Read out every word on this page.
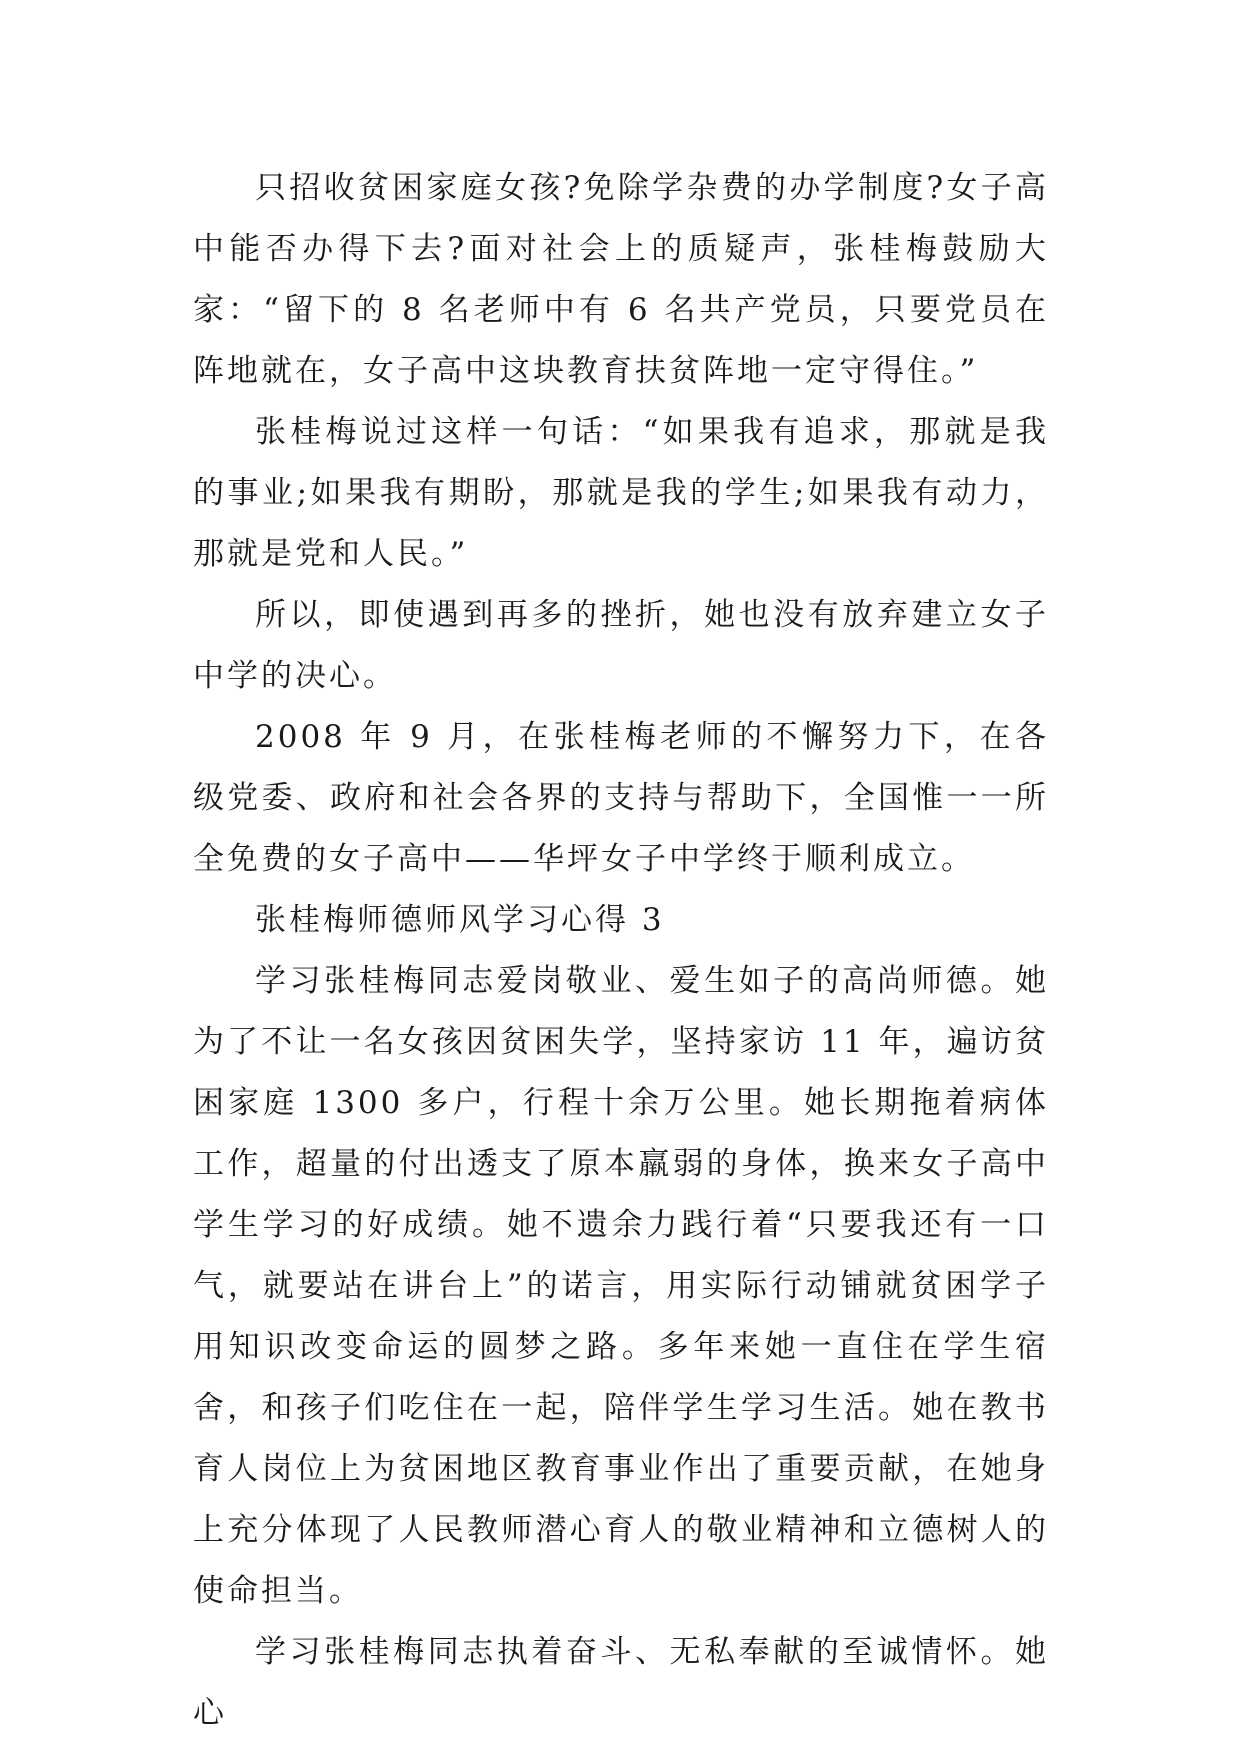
只招收贫困家庭女孩?免除学杂费的办学制度?女子高中能否办得下去?面对社会上的质疑声，张桂梅鼓励大家：“留下的 8 名老师中有 6 名共产党员，只要党员在阵地就在，女子高中这块教育扶贫阵地一定守得住。”

张桂梅说过这样一句话：“如果我有追求，那就是我的事业;如果我有期盼，那就是我的学生;如果我有动力，那就是党和人民。”

所以，即使遇到再多的挫折，她也没有放弃建立女子中学的决心。

2008 年 9 月，在张桂梅老师的不懈努力下，在各级党委、政府和社会各界的支持与帮助下，全国惟一一所全免费的女子高中——华坪女子中学终于顺利成立。

张桂梅师德师风学习心得 3

学习张桂梅同志爱岗敬业、爱生如子的高尚师德。她为了不让一名女孩因贫困失学，坚持家访 11 年，遍访贫困家庭 1300 多户，行程十余万公里。她长期拖着病体工作，超量的付出透支了原本羸弱的身体，换来女子高中学生学习的好成绩。她不遗余力践行着“只要我还有一口气，就要站在讲台上”的诺言，用实际行动铺就贫困学子用知识改变命运的圆梦之路。多年来她一直住在学生宿舍，和孩子们吃住在一起，陪伴学生学习生活。她在教书育人岗位上为贫困地区教育事业作出了重要贡献，在她身上充分体现了人民教师潜心育人的敬业精神和立德树人的使命担当。

学习张桂梅同志执着奋斗、无私奉献的至诚情怀。她心
